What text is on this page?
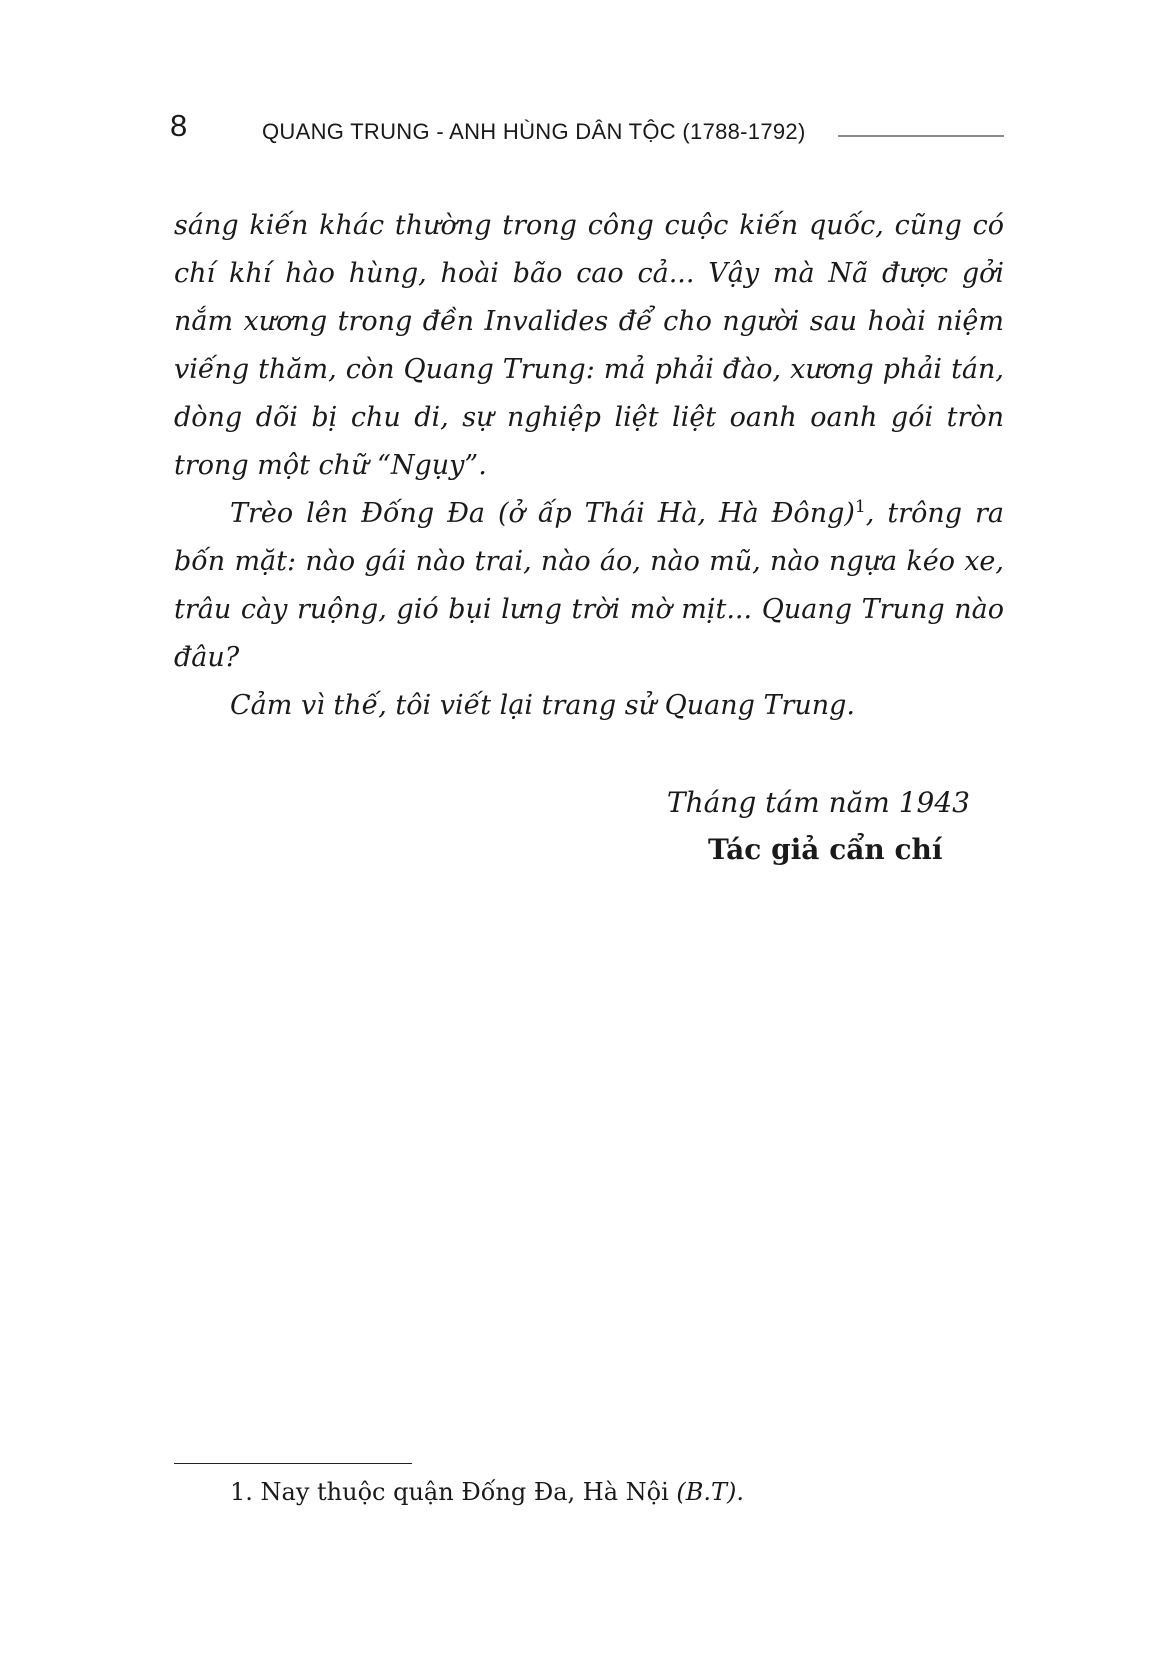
8	QUANG TRUNG - ANH HÙNG DÂN TỘC (1788-1792)

sáng kiến khác thường trong công cuộc kiến quốc, cũng có chí khí hào hùng, hoài bão cao cả... Vậy mà Nã được gởi nắm xương trong đền Invalides để cho người sau hoài niệm viếng thăm, còn Quang Trung: mả phải đào, xương phải tán, dòng dõi bị chu di, sự nghiệp liệt liệt oanh oanh gói tròn trong một chữ “Ngụy”.

Trèo lên Đống Đa (ở ấp Thái Hà, Hà Đông)$^1$, trông ra bốn mặt: nào gái nào trai, nào áo, nào mũ, nào ngựa kéo xe, trâu cày ruộng, gió bụi lưng trời mờ mịt... Quang Trung nào đâu?

Cảm vì thế, tôi viết lại trang sử Quang Trung.

Tháng tám năm 1943
Tác giả cẩn chí
1. Nay thuộc quận Đống Đa, Hà Nội (B.T).
